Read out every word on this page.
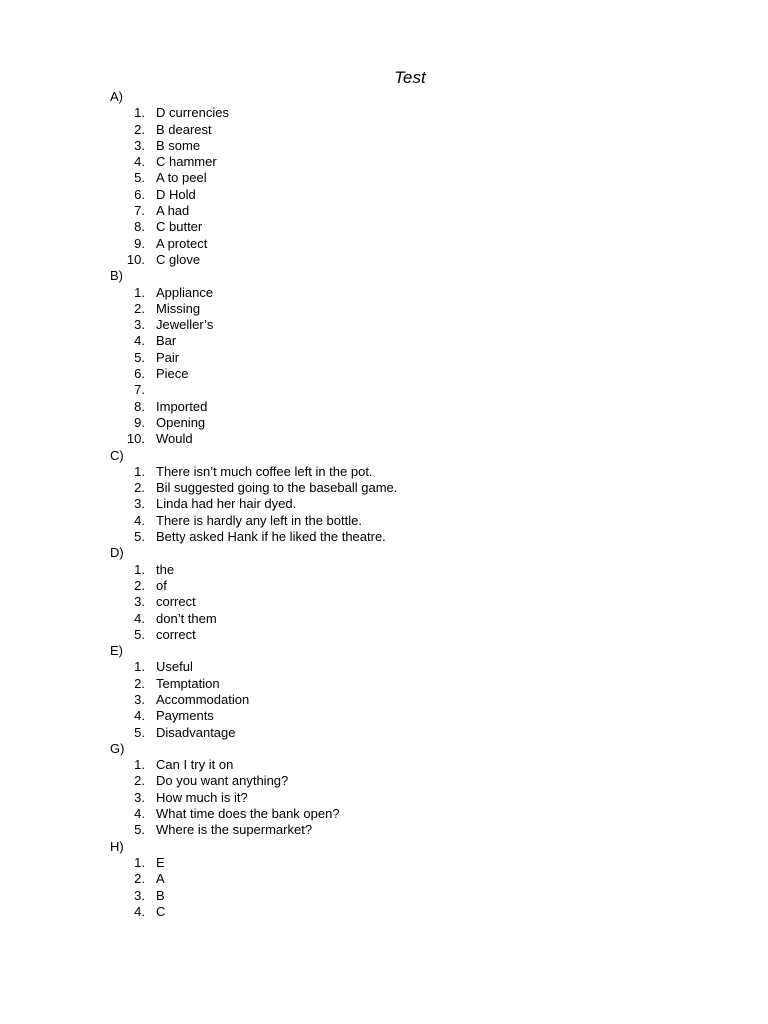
Test
A)
1. D currencies
2. B dearest
3. B some
4. C hammer
5. A to peel
6. D Hold
7. A had
8. C butter
9. A protect
10. C glove
B)
1. Appliance
2. Missing
3. Jeweller’s
4. Bar
5. Pair
6. Piece
7.
8. Imported
9. Opening
10. Would
C)
1. There isn’t much coffee left in the pot.
2. Bil suggested going to the baseball game.
3. Linda had her hair dyed.
4. There is hardly any left in the bottle.
5. Betty asked Hank if he liked the theatre.
D)
1. the
2. of
3. correct
4. don’t them
5. correct
E)
1. Useful
2. Temptation
3. Accommodation
4. Payments
5. Disadvantage
G)
1. Can I try it on
2. Do you want anything?
3. How much is it?
4. What time does the bank open?
5. Where is the supermarket?
H)
1. E
2. A
3. B
4. C
